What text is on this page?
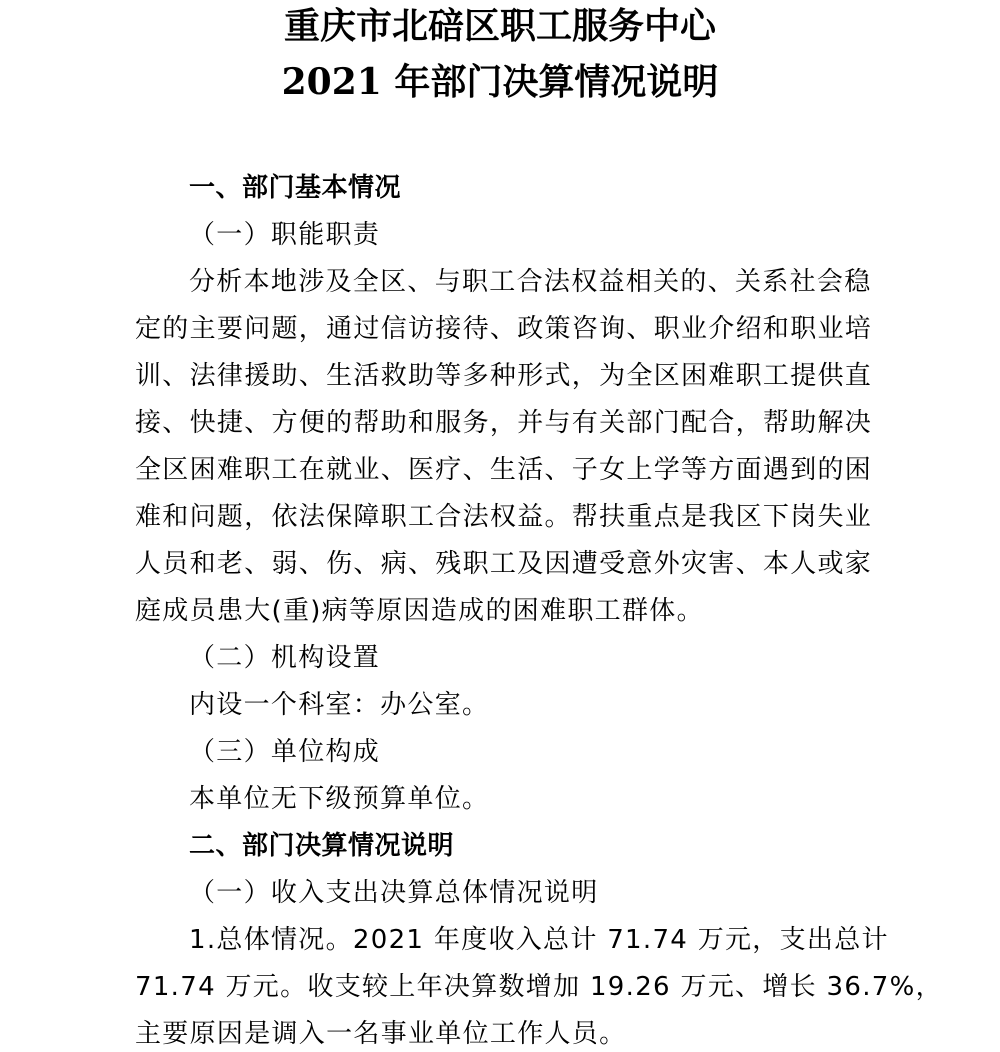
重庆市北碚区职工服务中心
2021 年部门决算情况说明
一、部门基本情况
（一）职能职责
分析本地涉及全区、与职工合法权益相关的、关系社会稳
定的主要问题，通过信访接待、政策咨询、职业介绍和职业培
训、法律援助、生活救助等多种形式，为全区困难职工提供直
接、快捷、方便的帮助和服务，并与有关部门配合，帮助解决
全区困难职工在就业、医疗、生活、子女上学等方面遇到的困
难和问题，依法保障职工合法权益。帮扶重点是我区下岗失业
人员和老、弱、伤、病、残职工及因遭受意外灾害、本人或家
庭成员患大(重)病等原因造成的困难职工群体。
（二）机构设置
内设一个科室：办公室。
（三）单位构成
本单位无下级预算单位。
二、部门决算情况说明
（一）收入支出决算总体情况说明
1.总体情况。2021 年度收入总计 71.74 万元，支出总计
71.74 万元。收支较上年决算数增加 19.26 万元、增长 36.7%，
主要原因是调入一名事业单位工作人员。
